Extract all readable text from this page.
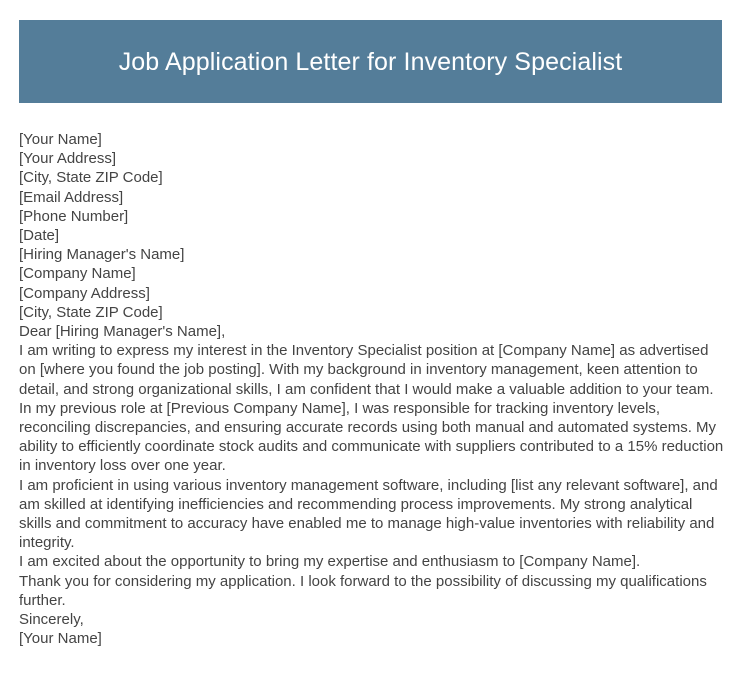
Job Application Letter for Inventory Specialist
[Your Name]
[Your Address]
[City, State ZIP Code]
[Email Address]
[Phone Number]
[Date]
[Hiring Manager's Name]
[Company Name]
[Company Address]
[City, State ZIP Code]
Dear [Hiring Manager's Name],
I am writing to express my interest in the Inventory Specialist position at [Company Name] as advertised on [where you found the job posting]. With my background in inventory management, keen attention to detail, and strong organizational skills, I am confident that I would make a valuable addition to your team.
In my previous role at [Previous Company Name], I was responsible for tracking inventory levels, reconciling discrepancies, and ensuring accurate records using both manual and automated systems. My ability to efficiently coordinate stock audits and communicate with suppliers contributed to a 15% reduction in inventory loss over one year.
I am proficient in using various inventory management software, including [list any relevant software], and am skilled at identifying inefficiencies and recommending process improvements. My strong analytical skills and commitment to accuracy have enabled me to manage high-value inventories with reliability and integrity.
I am excited about the opportunity to bring my expertise and enthusiasm to [Company Name].
Thank you for considering my application. I look forward to the possibility of discussing my qualifications further.
Sincerely,
[Your Name]
